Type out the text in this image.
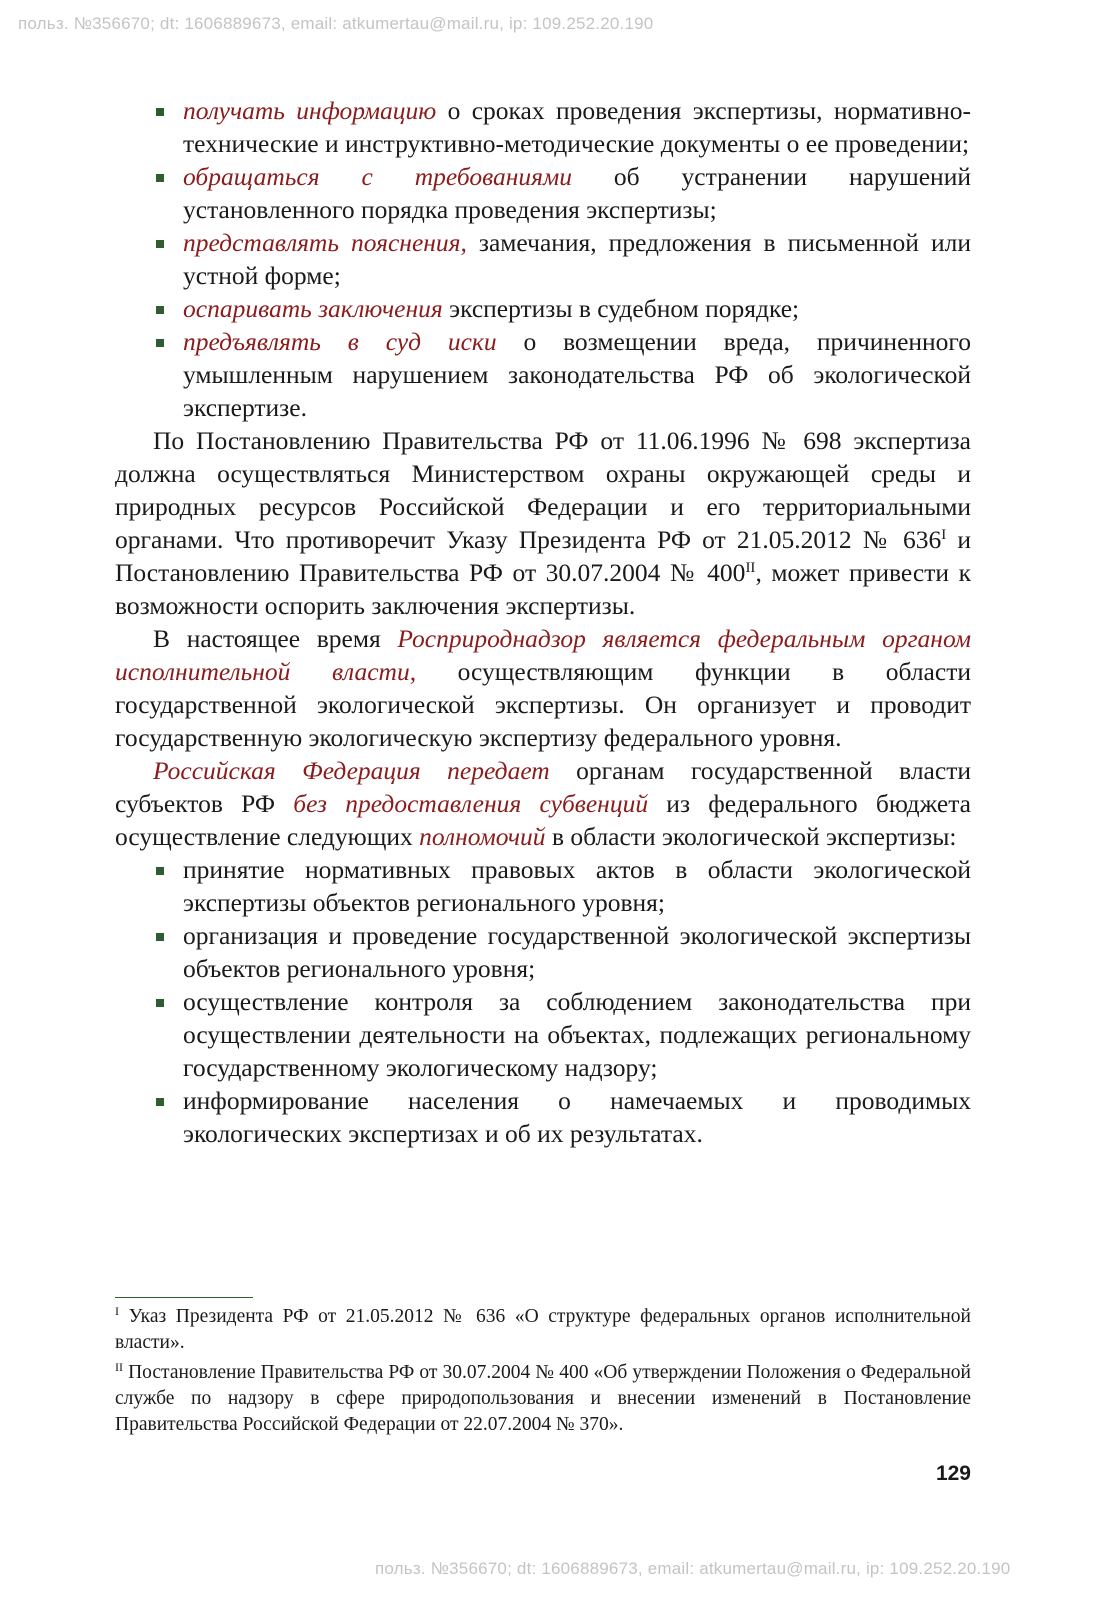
польз. №356670; dt: 1606889673, email: atkumertau@mail.ru, ip: 109.252.20.190
получать информацию о сроках проведения экспертизы, нормативно-технические и инструктивно-методические документы о ее проведении;
обращаться с требованиями об устранении нарушений установленного порядка проведения экспертизы;
представлять пояснения, замечания, предложения в письменной или устной форме;
оспаривать заключения экспертизы в судебном порядке;
предъявлять в суд иски о возмещении вреда, причиненного умышленным нарушением законодательства РФ об экологической экспертизе.

По Постановлению Правительства РФ от 11.06.1996 № 698 экспертиза должна осуществляться Министерством охраны окружающей среды и природных ресурсов Российской Федерации и его территориальными органами. Что противоречит Указу Президента РФ от 21.05.2012 № $636^I$ и Постановлению Правительства РФ от 30.07.2004 № $400^{II}$, может привести к возможности оспорить заключения экспертизы.

В настоящее время Росприроднадзор является федеральным органом исполнительной власти, осуществляющим функции в области государственной экологической экспертизы. Он организует и проводит государственную экологическую экспертизу федерального уровня.

Российская Федерация передает органам государственной власти субъектов РФ без предоставления субвенций из федерального бюджета осуществление следующих полномочий в области экологической экспертизы:

принятие нормативных правовых актов в области экологической экспертизы объектов регионального уровня;
организация и проведение государственной экологической экспертизы объектов регионального уровня;
осуществление контроля за соблюдением законодательства при осуществлении деятельности на объектах, подлежащих региональному государственному экологическому надзору;
информирование населения о намечаемых и проводимых экологических экспертизах и об их результатах.
$^I$ Указ Президента РФ от 21.05.2012 № 636 «О структуре федеральных органов исполнительной власти».
$^{II}$ Постановление Правительства РФ от 30.07.2004 № 400 «Об утверждении Положения о Федеральной службе по надзору в сфере природопользования и внесении изменений в Постановление Правительства Российской Федерации от 22.07.2004 № 370».
129
польз. №356670; dt: 1606889673, email: atkumertau@mail.ru, ip: 109.252.20.190
